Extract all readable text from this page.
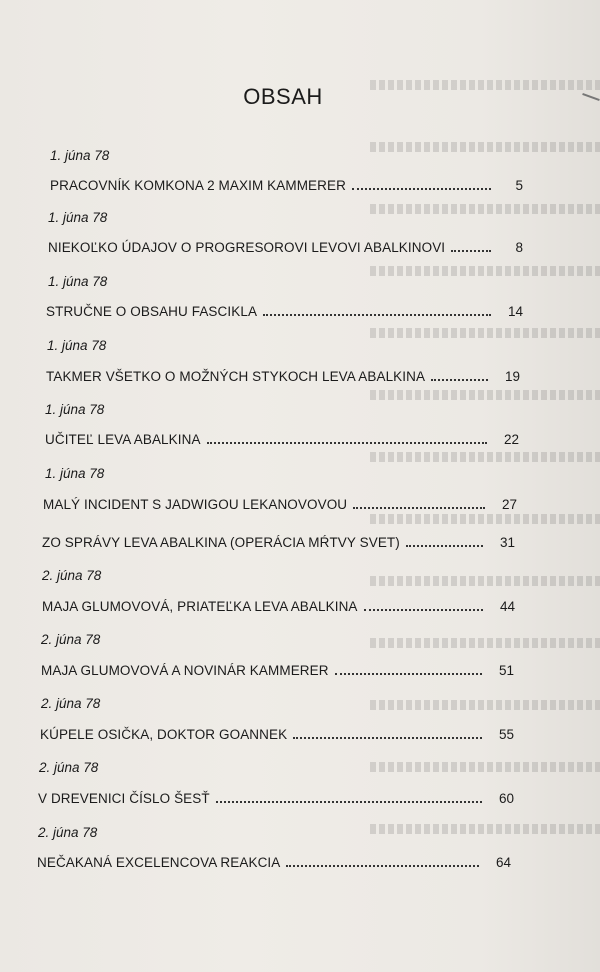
OBSAH
1. júna 78
PRACOVNÍK KOMKONA 2 MAXIM KAMMERER	5
1. júna 78
NIEKOĽKO ÚDAJOV O PROGRESOROVI LEVOVI ABALKINOVI	8
1. júna 78
STRUČNE O OBSAHU FASCIKLA	14
1. júna 78
TAKMER VŠETKO O MOŽNÝCH STYKOCH LEVA ABALKINA	19
1. júna 78
UČITEĽ LEVA ABALKINA	22
1. júna 78
MALÝ INCIDENT S JADWIGOU LEKANOVOVOU	27
ZO SPRÁVY LEVA ABALKINA (OPERÁCIA MŔTVY SVET)	31
2. júna 78
MAJA GLUMOVOVÁ, PRIATEĽKA LEVA ABALKINA	44
2. júna 78
MAJA GLUMOVOVÁ A NOVINÁR KAMMERER	51
2. júna 78
KÚPELE OSIČKA, DOKTOR GOANNEK	55
2. júna 78
V DREVENICI ČÍSLO ŠESŤ	60
2. júna 78
NEČAKANÁ EXCELENCOVA REAKCIA	64
